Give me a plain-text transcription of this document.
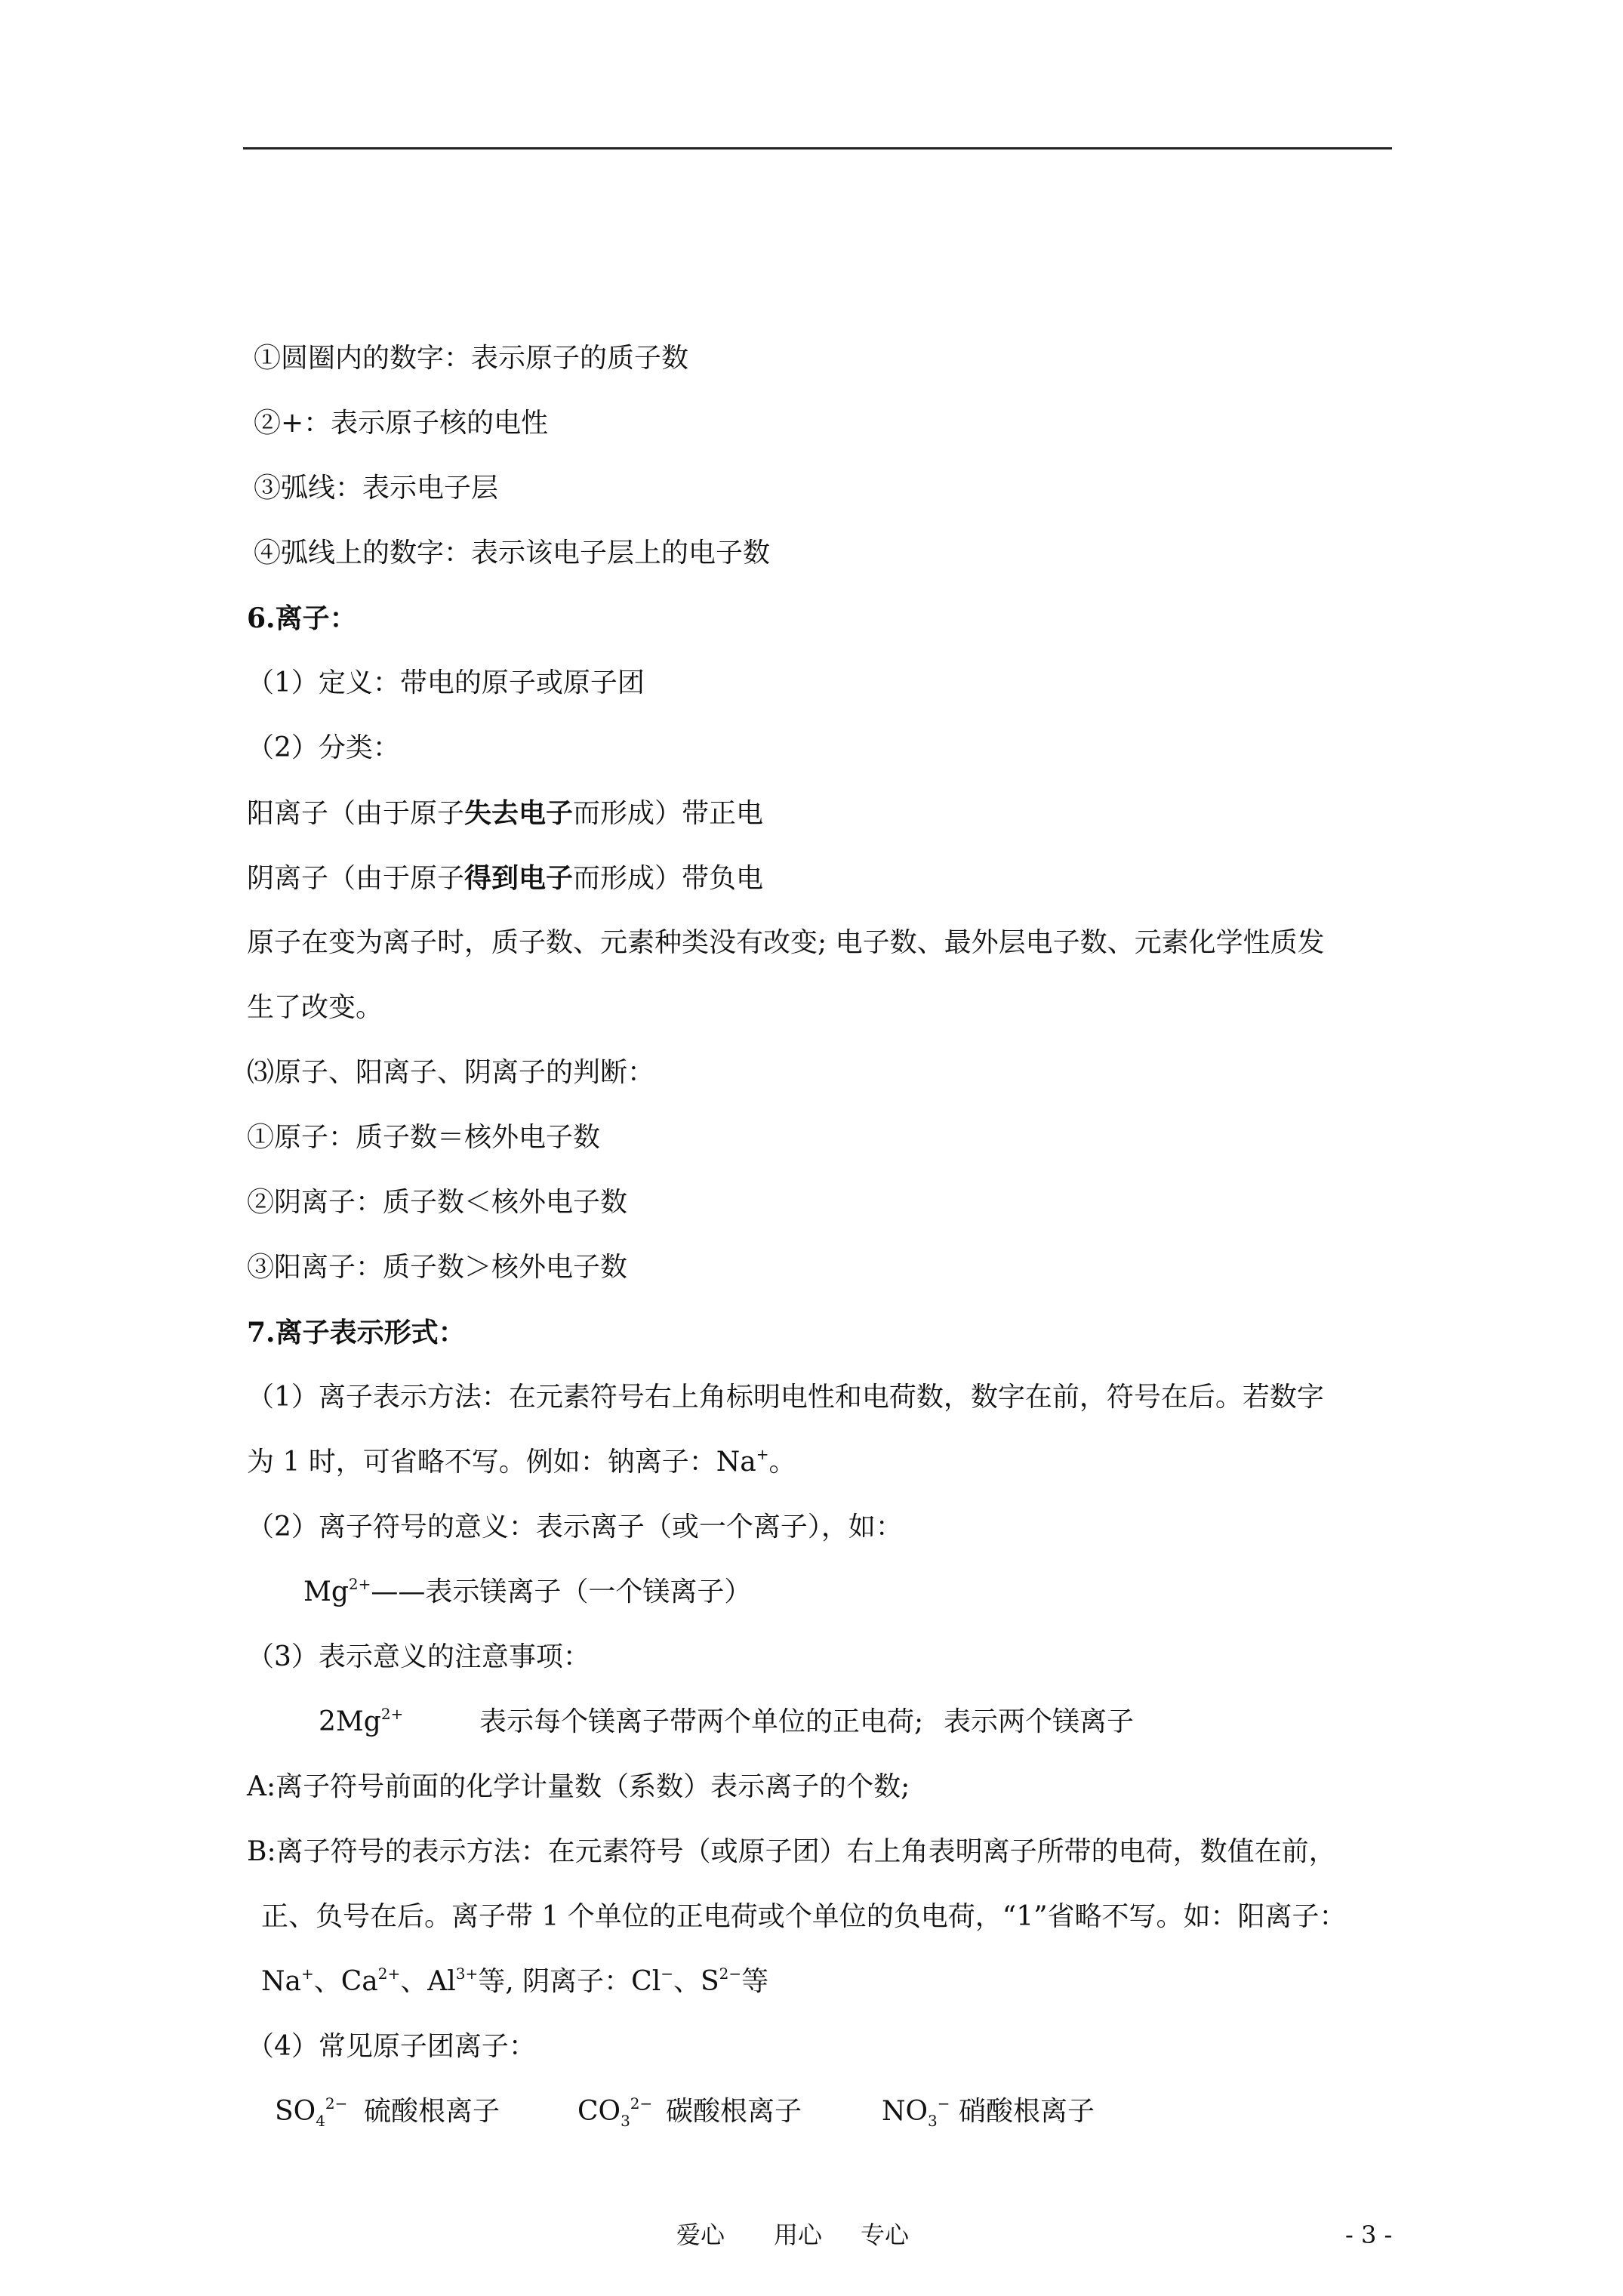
①圆圈内的数字：表示原子的质子数
②+：表示原子核的电性
③弧线：表示电子层
④弧线上的数字：表示该电子层上的电子数
6.离子：
（1）定义：带电的原子或原子团
（2）分类：
阳离子（由于原子失去电子而形成）带正电
阴离子（由于原子得到电子而形成）带负电
原子在变为离子时，质子数、元素种类没有改变; 电子数、最外层电子数、元素化学性质发
生了改变。
⑶原子、阳离子、阴离子的判断：
①原子：质子数＝核外电子数
②阴离子：质子数＜核外电子数
③阳离子：质子数＞核外电子数
7.离子表示形式：
（1）离子表示方法：在元素符号右上角标明电性和电荷数，数字在前，符号在后。若数字
为 1 时，可省略不写。例如：钠离子：Na+。
（2）离子符号的意义：表示离子（或一个离子），如：
$Mg^{2+}——$表示镁离子（一个镁离子）
（3）表示意义的注意事项：
$2Mg^{2+}$	表示每个镁离子带两个单位的正电荷; 表示两个镁离子
A:离子符号前面的化学计量数（系数）表示离子的个数;
B:离子符号的表示方法：在元素符号（或原子团）右上角表明离子所带的电荷，数值在前，
正、负号在后。离子带 1 个单位的正电荷或个单位的负电荷，“1”省略不写。如：阳离子：
Na+、$Ca^{2+}$、$Al^{3+}$等, 阴离子：Cl−、$S^{2-}$等
（4）常见原子团离子：
$SO_4^{2-}$ 硫酸根离子	$CO_3^{2-}$ 碳酸根离子	$NO_3^-$ 硝酸根离子
爱心 用心 专心	- 3 -
